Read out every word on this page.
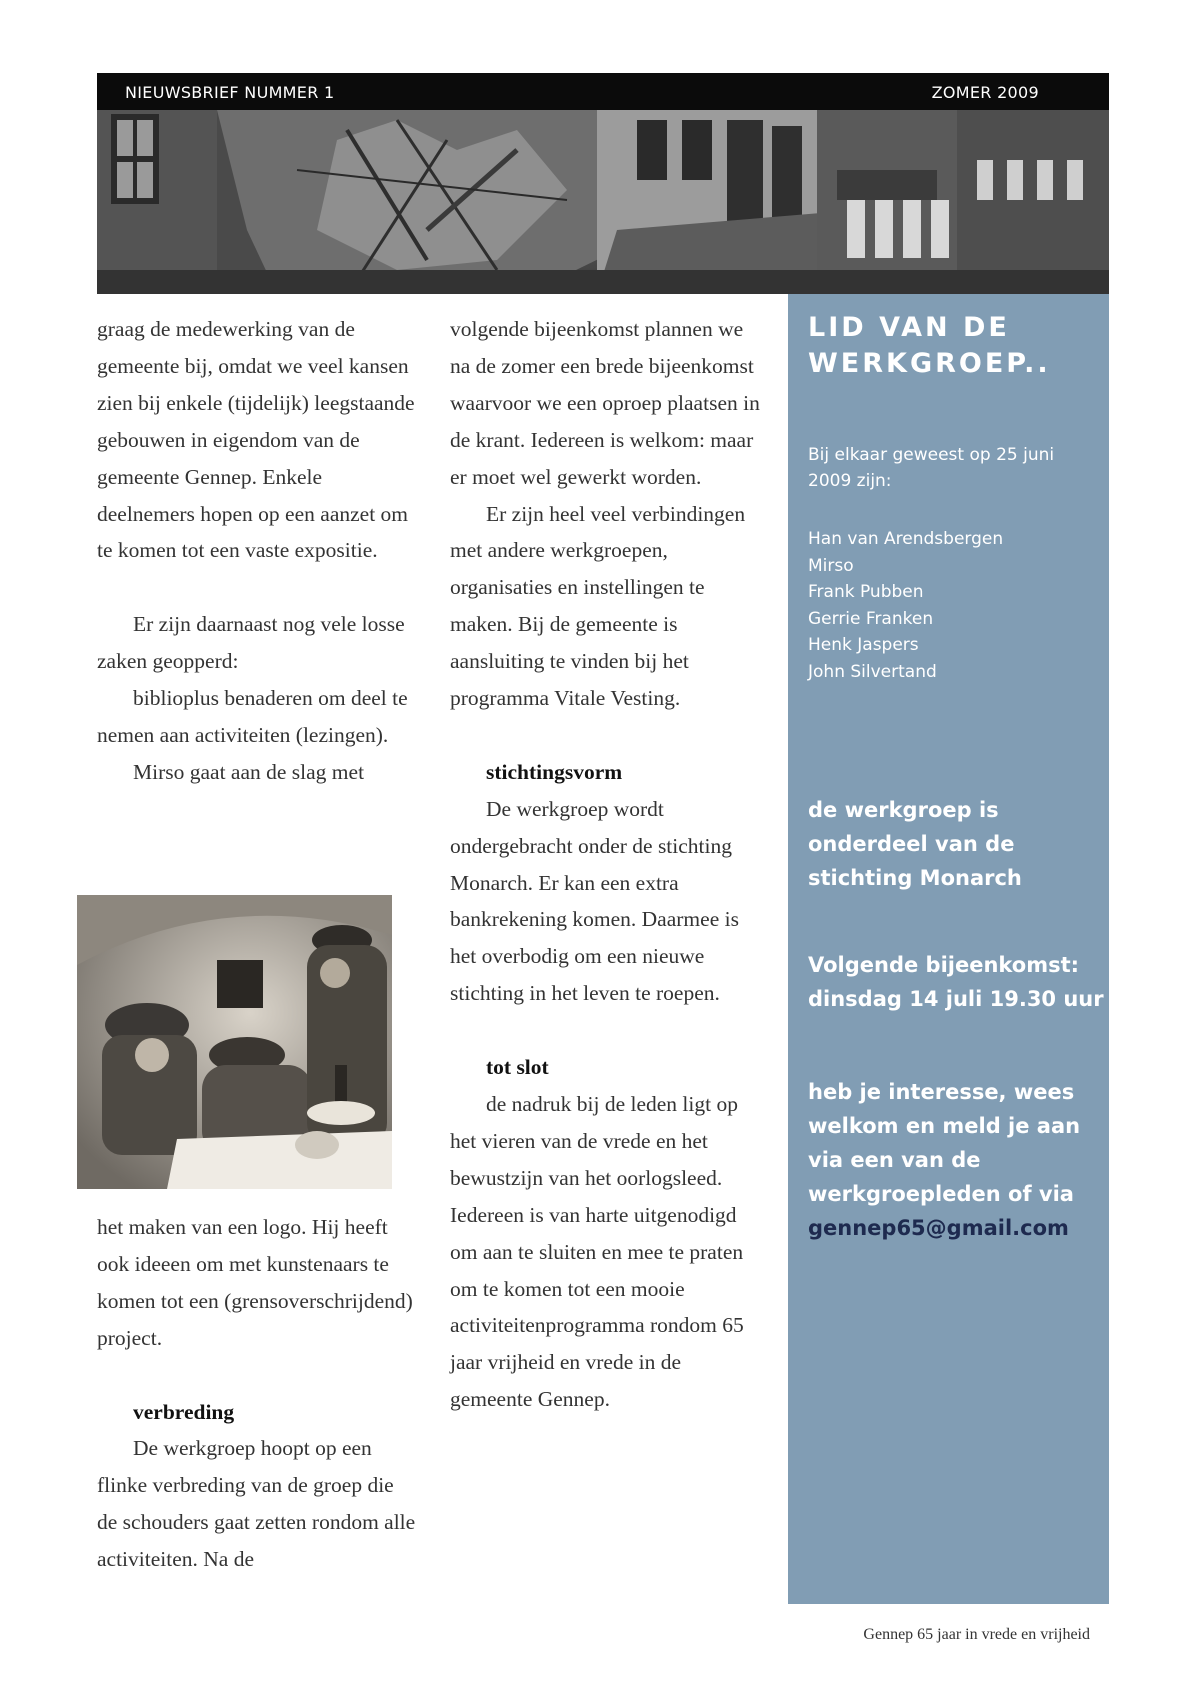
NIEUWSBRIEF NUMMER 1	ZOMER 2009

graag de medewerking van de gemeente bij, omdat we veel kansen zien bij enkele (tijdelijk) leegstaande gebouwen in eigendom van de gemeente Gennep. Enkele deelnemers hopen op een aanzet om te komen tot een vaste expositie.

Er zijn daarnaast nog vele losse zaken geopperd:

biblioplus benaderen om deel te nemen aan activiteiten (lezingen).

Mirso gaat aan de slag met

het maken van een logo. Hij heeft ook ideeen om met kunstenaars te komen tot een (grensoverschrijdend) project.

verbreding

De werkgroep hoopt op een flinke verbreding van de groep die de schouders gaat zetten rondom alle activiteiten. Na de

volgende bijeenkomst plannen we na de zomer een brede bijeenkomst waarvoor we een oproep plaatsen in de krant. Iedereen is welkom: maar er moet wel gewerkt worden.

Er zijn heel veel verbindingen met andere werkgroepen, organisaties en instellingen te maken. Bij de gemeente is aansluiting te vinden bij het programma Vitale Vesting.

stichtingsvorm

De werkgroep wordt ondergebracht onder de stichting Monarch. Er kan een extra bankrekening komen. Daarmee is het overbodig om een nieuwe stichting in het leven te roepen.

tot slot

de nadruk bij de leden ligt op het vieren van de vrede en het bewustzijn van het oorlogsleed. Iedereen is van harte uitgenodigd om aan te sluiten en mee te praten om te komen tot een mooie activiteitenprogramma rondom 65 jaar vrijheid en vrede in de gemeente Gennep.

LID VAN DE WERKGROEP..
Bij elkaar geweest op 25 juni 2009 zijn:
Han van Arendsbergen
Mirso
Frank Pubben
Gerrie Franken
Henk Jaspers
John Silvertand
de werkgroep is onderdeel van de stichting Monarch
Volgende bijeenkomst: dinsdag 14 juli 19.30 uur
heb je interesse, wees welkom en meld je aan via een van de werkgroepleden of via gennep65@gmail.com
Gennep 65 jaar in vrede en vrijheid
